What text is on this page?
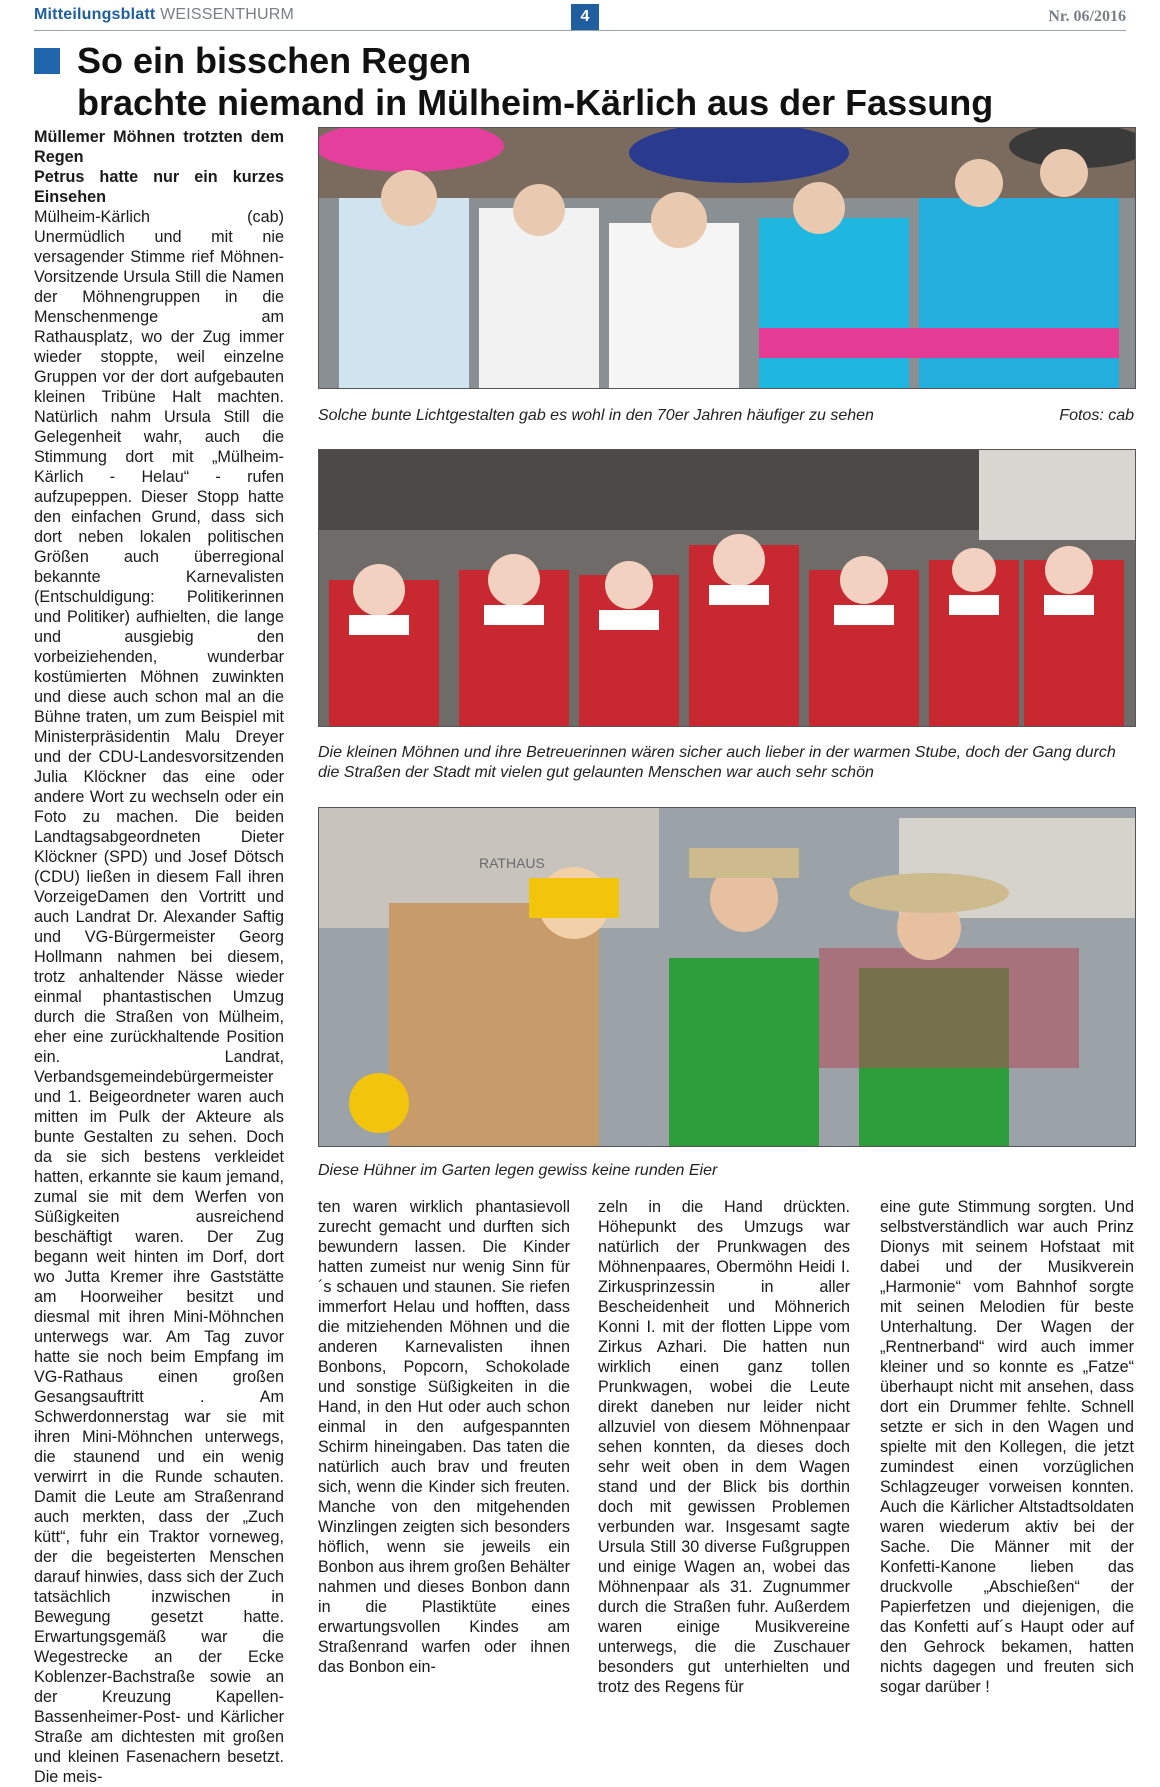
Mitteilungsblatt WEISSENTHURM	4	Nr. 06/2016
So ein bisschen Regen
brachte niemand in Mülheim-Kärlich aus der Fassung

Müllemer Möhnen trotzten dem Regen

Petrus hatte nur ein kurzes Einsehen

Mülheim-Kärlich (cab) Unermüdlich und mit nie versagender Stimme rief Möhnen-Vorsitzende Ursula Still die Namen der Möhnengruppen in die Menschenmenge am Rathausplatz, wo der Zug immer wieder stoppte, weil einzelne Gruppen vor der dort aufgebauten kleinen Tribüne Halt machten. Natürlich nahm Ursula Still die Gelegenheit wahr, auch die Stimmung dort mit „Mülheim-Kärlich - Helau“ - rufen aufzupeppen. Dieser Stopp hatte den einfachen Grund, dass sich dort neben lokalen politischen Größen auch überregional bekannte Karnevalisten (Entschuldigung: Politikerinnen und Politiker) aufhielten, die lange und ausgiebig den vorbeiziehenden, wunderbar kostümierten Möhnen zuwinkten und diese auch schon mal an die Bühne traten, um zum Beispiel mit Ministerpräsidentin Malu Dreyer und der CDU-Landesvorsitzenden Julia Klöckner das eine oder andere Wort zu wechseln oder ein Foto zu machen. Die beiden Landtagsabgeordneten Dieter Klöckner (SPD) und Josef Dötsch (CDU) ließen in diesem Fall ihren VorzeigeDamen den Vortritt und auch Landrat Dr. Alexander Saftig und VG-Bürgermeister Georg Hollmann nahmen bei diesem, trotz anhaltender Nässe wieder einmal phantastischen Umzug durch die Straßen von Mülheim, eher eine zurückhaltende Position ein. Landrat, Verbandsgemeindebürgermeister und 1. Beigeordneter waren auch mitten im Pulk der Akteure als bunte Gestalten zu sehen. Doch da sie sich bestens verkleidet hatten, erkannte sie kaum jemand, zumal sie mit dem Werfen von Süßigkeiten ausreichend beschäftigt waren. Der Zug begann weit hinten im Dorf, dort wo Jutta Kremer ihre Gaststätte am Hoorweiher besitzt und diesmal mit ihren Mini-Möhnchen unterwegs war. Am Tag zuvor hatte sie noch beim Empfang im VG-Rathaus einen großen Gesangsauftritt . Am Schwerdonnerstag war sie mit ihren Mini-Möhnchen unterwegs, die staunend und ein wenig verwirrt in die Runde schauten. Damit die Leute am Straßenrand auch merkten, dass der „Zuch kütt“, fuhr ein Traktor vorneweg, der die begeisterten Menschen darauf hinwies, dass sich der Zuch tatsächlich inzwischen in Bewegung gesetzt hatte. Erwartungsgemäß war die Wegestrecke an der Ecke Koblenzer-Bachstraße sowie an der Kreuzung Kapellen- Bassenheimer-Post- und Kärlicher Straße am dichtesten mit großen und kleinen Fasenachern besetzt. Die meis-

Solche bunte Lichtgestalten gab es wohl in den 70er Jahren häufiger zu sehen	Fotos: cab
Die kleinen Möhnen und ihre Betreuerinnen wären sicher auch lieber in der warmen Stube, doch der Gang durch die Straßen der Stadt mit vielen gut gelaunten Menschen war auch sehr schön
RATHAUS
Diese Hühner im Garten legen gewiss keine runden Eier

ten waren wirklich phantasievoll zurecht gemacht und durften sich bewundern lassen. Die Kinder hatten zumeist nur wenig Sinn für´s schauen und staunen. Sie riefen immerfort Helau und hofften, dass die mitziehenden Möhnen und die anderen Karnevalisten ihnen Bonbons, Popcorn, Schokolade und sonstige Süßigkeiten in die Hand, in den Hut oder auch schon einmal in den aufgespannten Schirm hineingaben. Das taten die natürlich auch brav und freuten sich, wenn die Kinder sich freuten. Manche von den mitgehenden Winzlingen zeigten sich besonders höflich, wenn sie jeweils ein Bonbon aus ihrem großen Behälter nahmen und dieses Bonbon dann in die Plastiktüte eines erwartungsvollen Kindes am Straßenrand warfen oder ihnen das Bonbon ein-

zeln in die Hand drückten. Höhepunkt des Umzugs war natürlich der Prunkwagen des Möhnenpaares, Obermöhn Heidi I. Zirkusprinzessin in aller Bescheidenheit und Möhnerich Konni I. mit der flotten Lippe vom Zirkus Azhari. Die hatten nun wirklich einen ganz tollen Prunkwagen, wobei die Leute direkt daneben nur leider nicht allzuviel von diesem Möhnenpaar sehen konnten, da dieses doch sehr weit oben in dem Wagen stand und der Blick bis dorthin doch mit gewissen Problemen verbunden war. Insgesamt sagte Ursula Still 30 diverse Fußgruppen und einige Wagen an, wobei das Möhnenpaar als 31. Zugnummer durch die Straßen fuhr. Außerdem waren einige Musikvereine unterwegs, die die Zuschauer besonders gut unterhielten und trotz des Regens für

eine gute Stimmung sorgten. Und selbstverständlich war auch Prinz Dionys mit seinem Hofstaat mit dabei und der Musikverein „Harmonie“ vom Bahnhof sorgte mit seinen Melodien für beste Unterhaltung. Der Wagen der „Rentnerband“ wird auch immer kleiner und so konnte es „Fatze“ überhaupt nicht mit ansehen, dass dort ein Drummer fehlte. Schnell setzte er sich in den Wagen und spielte mit den Kollegen, die jetzt zumindest einen vorzüglichen Schlagzeuger vorweisen konnten. Auch die Kärlicher Altstadtsoldaten waren wiederum aktiv bei der Sache. Die Männer mit der Konfetti-Kanone lieben das druckvolle „Abschießen“ der Papierfetzen und diejenigen, die das Konfetti auf´s Haupt oder auf den Gehrock bekamen, hatten nichts dagegen und freuten sich sogar darüber !
